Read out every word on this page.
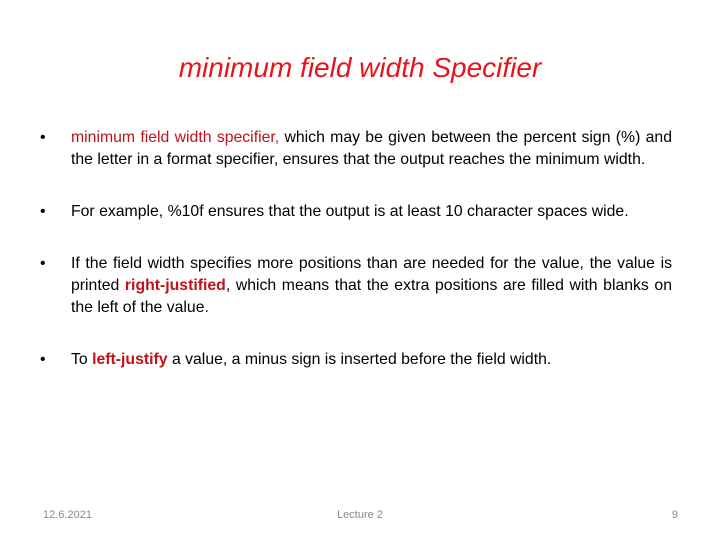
minimum field width Specifier
•	minimum field width specifier, which may be given between the percent sign (%) and the letter in a format specifier, ensures that the output reaches the minimum width.
•	For example, %10f ensures that the output is at least 10 character spaces wide.
•	If the field width specifies more positions than are needed for the value, the value is printed right-justified, which means that the extra positions are filled with blanks on the left of the value.
•	To left-justify a value, a minus sign is inserted before the field width.
12.6.2021	Lecture 2	9
